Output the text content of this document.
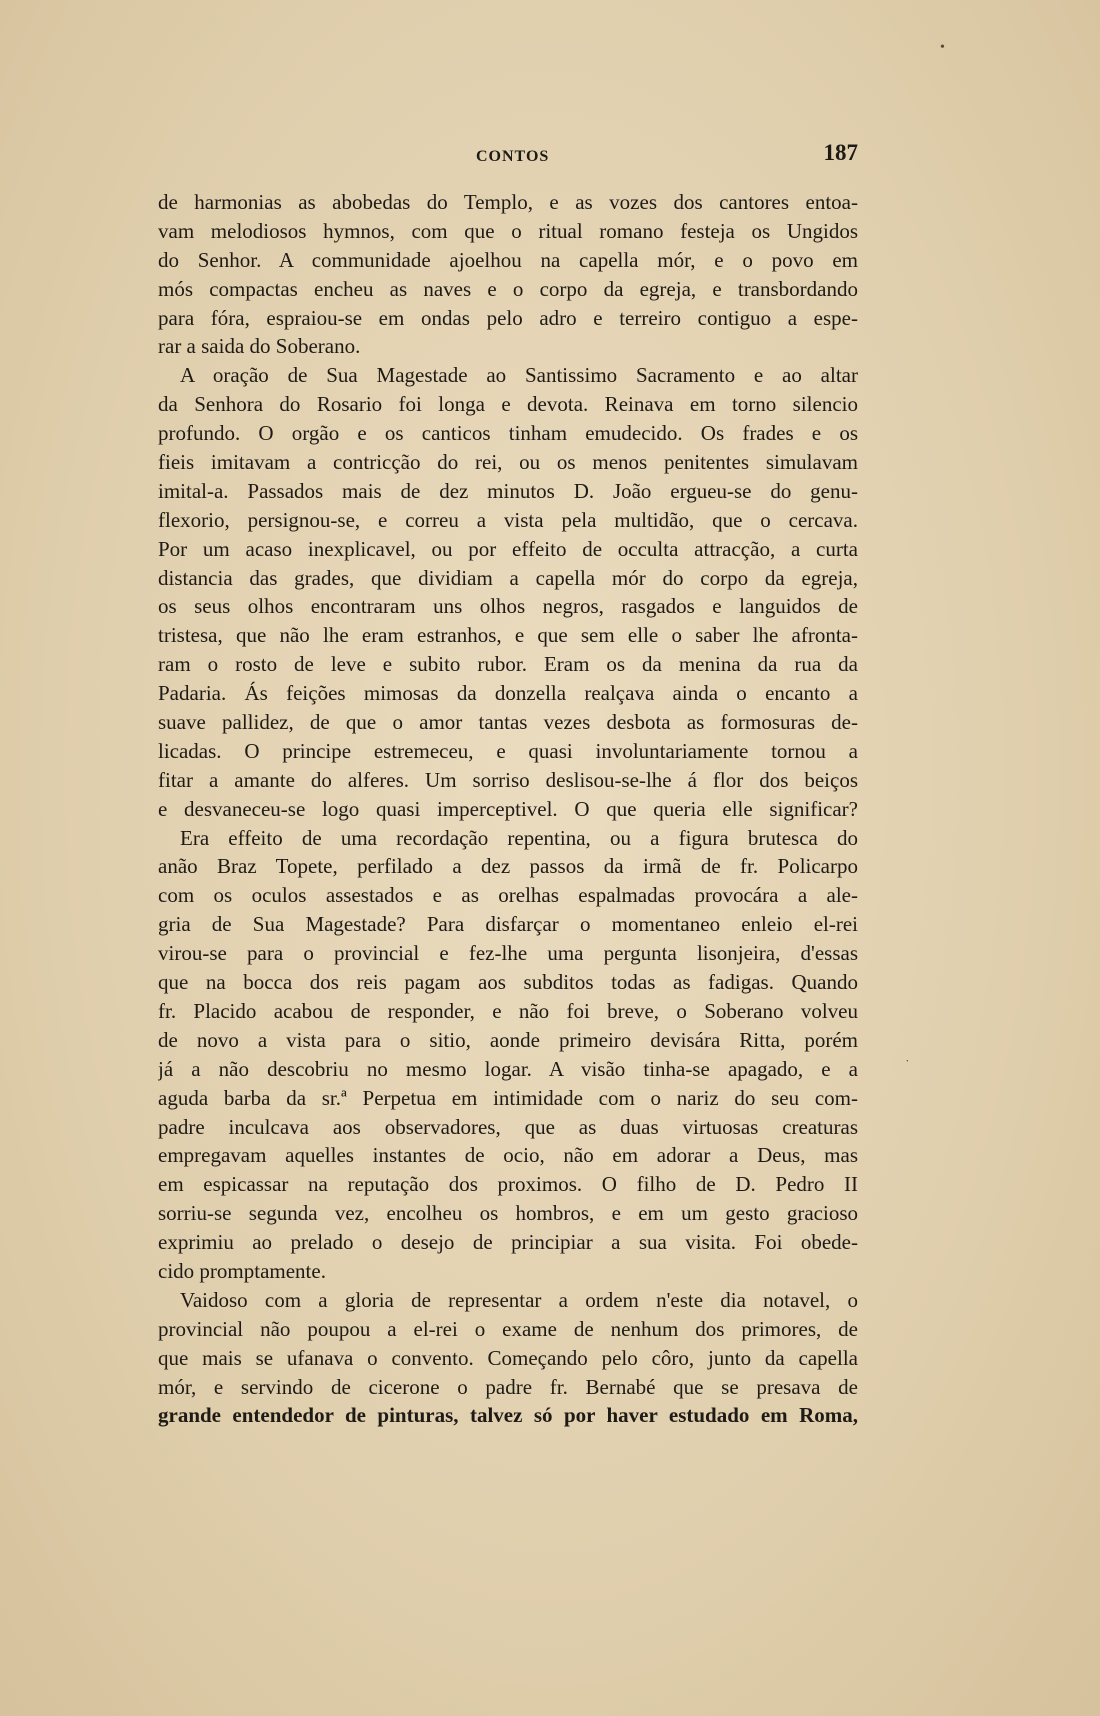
CONTOS	187
de harmonias as abobedas do Templo, e as vozes dos cantores entoa-
vam melodiosos hymnos, com que o ritual romano festeja os Ungidos
do Senhor. A communidade ajoelhou na capella mór, e o povo em
mós compactas encheu as naves e o corpo da egreja, e transbordando
para fóra, espraiou-se em ondas pelo adro e terreiro contiguo a espe-
rar a saida do Soberano.
A oração de Sua Magestade ao Santissimo Sacramento e ao altar
da Senhora do Rosario foi longa e devota. Reinava em torno silencio
profundo. O orgão e os canticos tinham emudecido. Os frades e os
fieis imitavam a contricção do rei, ou os menos penitentes simulavam
imital-a. Passados mais de dez minutos D. João ergueu-se do genu-
flexorio, persignou-se, e correu a vista pela multidão, que o cercava.
Por um acaso inexplicavel, ou por effeito de occulta attracção, a curta
distancia das grades, que dividiam a capella mór do corpo da egreja,
os seus olhos encontraram uns olhos negros, rasgados e languidos de
tristesa, que não lhe eram estranhos, e que sem elle o saber lhe afronta-
ram o rosto de leve e subito rubor. Eram os da menina da rua da
Padaria. Ás feições mimosas da donzella realçava ainda o encanto a
suave pallidez, de que o amor tantas vezes desbota as formosuras de-
licadas. O principe estremeceu, e quasi involuntariamente tornou a
fitar a amante do alferes. Um sorriso deslisou-se-lhe á flor dos beiços
e desvaneceu-se logo quasi imperceptivel. O que queria elle significar?
Era effeito de uma recordação repentina, ou a figura brutesca do
anão Braz Topete, perfilado a dez passos da irmã de fr. Policarpo
com os oculos assestados e as orelhas espalmadas provocára a ale-
gria de Sua Magestade? Para disfarçar o momentaneo enleio el-rei
virou-se para o provincial e fez-lhe uma pergunta lisonjeira, d'essas
que na bocca dos reis pagam aos subditos todas as fadigas. Quando
fr. Placido acabou de responder, e não foi breve, o Soberano volveu
de novo a vista para o sitio, aonde primeiro devisára Ritta, porém
já a não descobriu no mesmo logar. A visão tinha-se apagado, e a
aguda barba da sr.ª Perpetua em intimidade com o nariz do seu com-
padre inculcava aos observadores, que as duas virtuosas creaturas
empregavam aquelles instantes de ocio, não em adorar a Deus, mas
em espicassar na reputação dos proximos. O filho de D. Pedro II
sorriu-se segunda vez, encolheu os hombros, e em um gesto gracioso
exprimiu ao prelado o desejo de principiar a sua visita. Foi obede-
cido promptamente.
Vaidoso com a gloria de representar a ordem n'este dia notavel, o
provincial não poupou a el-rei o exame de nenhum dos primores, de
que mais se ufanava o convento. Começando pelo côro, junto da capella
mór, e servindo de cicerone o padre fr. Bernabé que se presava de
grande entendedor de pinturas, talvez só por haver estudado em Roma,
•
˙
